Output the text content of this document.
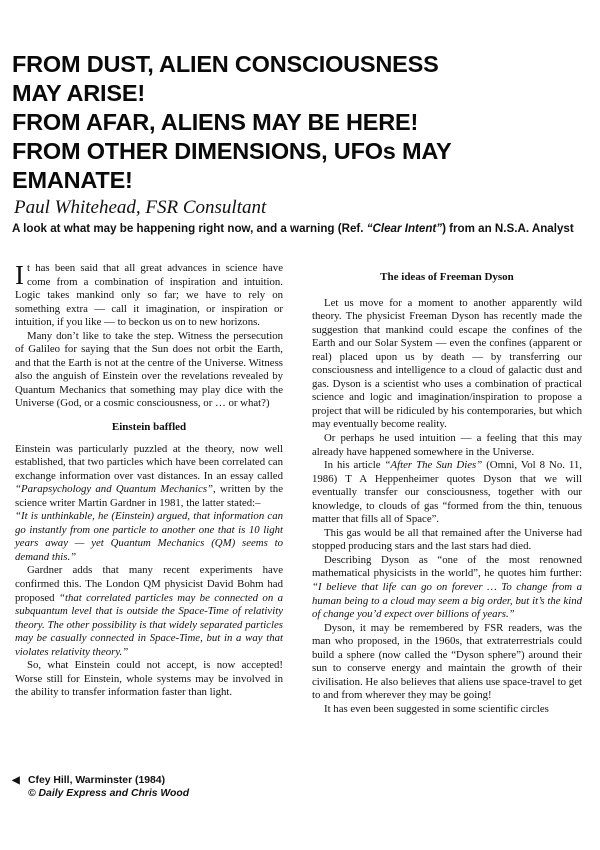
FROM DUST, ALIEN CONSCIOUSNESS
MAY ARISE!
FROM AFAR, ALIENS MAY BE HERE!
FROM OTHER DIMENSIONS, UFOs MAY
EMANATE!

Paul Whitehead, FSR Consultant

A look at what may be happening right now, and a warning (Ref. “Clear Intent”) from an N.S.A. Analyst

It has been said that all great advances in science have come from a combination of inspiration and intuition. Logic takes mankind only so far; we have to rely on something extra — call it imagination, or inspiration or intuition, if you like — to beckon us on to new horizons.

Many don’t like to take the step. Witness the persecution of Galileo for saying that the Sun does not orbit the Earth, and that the Earth is not at the centre of the Universe. Witness also the anguish of Einstein over the revelations revealed by Quantum Mechanics that something may play dice with the Universe (God, or a cosmic consciousness, or … or what?)

Einstein baffled

Einstein was particularly puzzled at the theory, now well established, that two particles which have been correlated can exchange information over vast distances. In an essay called “Parapsychology and Quantum Mechanics”, written by the science writer Martin Gardner in 1981, the latter stated:–

“It is unthinkable, he (Einstein) argued, that information can go instantly from one particle to another one that is 10 light years away — yet Quantum Mechanics (QM) seems to demand this.”

Gardner adds that many recent experiments have confirmed this. The London QM physicist David Bohm had proposed “that correlated particles may be connected on a subquantum level that is outside the Space-Time of relativity theory. The other possibility is that widely separated particles may be casually connected in Space-Time, but in a way that violates relativity theory.”

So, what Einstein could not accept, is now accepted! Worse still for Einstein, whole systems may be involved in the ability to transfer information faster than light.

The ideas of Freeman Dyson

Let us move for a moment to another apparently wild theory. The physicist Freeman Dyson has recently made the suggestion that mankind could escape the confines of the Earth and our Solar System — even the confines (apparent or real) placed upon us by death — by transferring our consciousness and intelligence to a cloud of galactic dust and gas. Dyson is a scientist who uses a combination of practical science and logic and imagination/inspiration to propose a project that will be ridiculed by his contemporaries, but which may eventually become reality.

Or perhaps he used intuition — a feeling that this may already have happened somewhere in the Universe.

In his article “After The Sun Dies” (Omni, Vol 8 No. 11, 1986) T A Heppenheimer quotes Dyson that we will eventually transfer our consciousness, together with our knowledge, to clouds of gas “formed from the thin, tenuous matter that fills all of Space”.

This gas would be all that remained after the Universe had stopped producing stars and the last stars had died.

Describing Dyson as “one of the most renowned mathematical physicists in the world”, he quotes him further: “I believe that life can go on forever … To change from a human being to a cloud may seem a big order, but it’s the kind of change you’d expect over billions of years.”

Dyson, it may be remembered by FSR readers, was the man who proposed, in the 1960s, that extraterrestrials could build a sphere (now called the “Dyson sphere”) around their sun to conserve energy and maintain the growth of their civilisation. He also believes that aliens use space-travel to get to and from wherever they may be going!

It has even been suggested in some scientific circles

◀ Cfey Hill, Warminster (1984)
© Daily Express and Chris Wood
